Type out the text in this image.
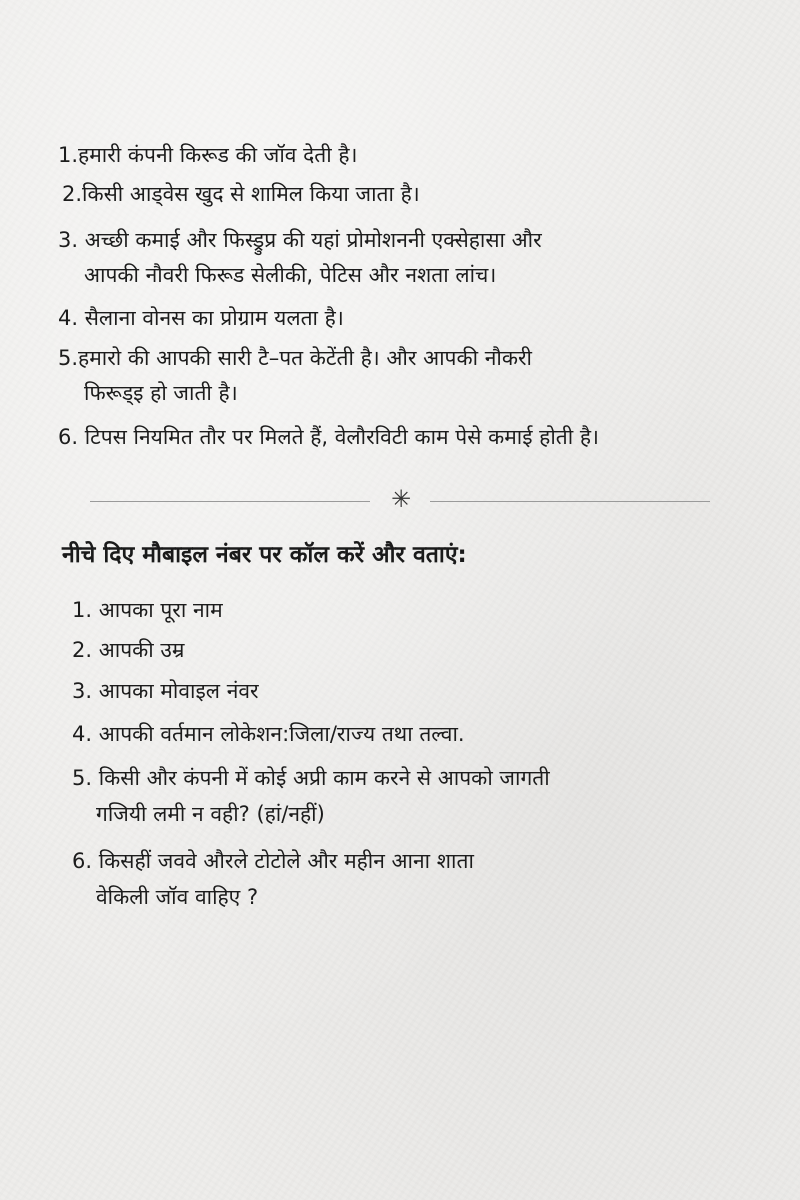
1.हमारी कंपनी किरूड की जॉव देती है।
2.किसी आड्वेस खुद से शामिल किया जाता है।
3. अच्छी कमाई और फिस्ड्रुप्र की यहां प्रोमोशननी एक्सेहासा और
आपकी नौवरी फिरूड सेलीकी, पेटिस और नशता लांच।
4. सैलाना वोनस का प्रोग्राम यलता है।
5.हमारो की आपकी सारी टै–पत केटेंती है। और आपकी नौकरी
फिरूड्इ हो जाती है।
6. टिपस नियमित तौर पर मिलते हैं, वेलौरविटी काम पेसे कमाई होती है।
✳
नीचे दिए मौबाइल नंबर पर कॉल करें और वताएं:
1. आपका पूरा नाम
2. आपकी उम्र
3. आपका मोवाइल नंवर
4. आपकी वर्तमान लोकेशन:जिला/राज्य तथा तल्वा.
5. किसी और कंपनी में कोई अप्री काम करने से आपको जागती
गजियी लमी न वही? (हां/नहीं)
6. किसहीं जववे औरले टोटोले और महीन आना शाता
वेकिली जॉव वाहिए ?
